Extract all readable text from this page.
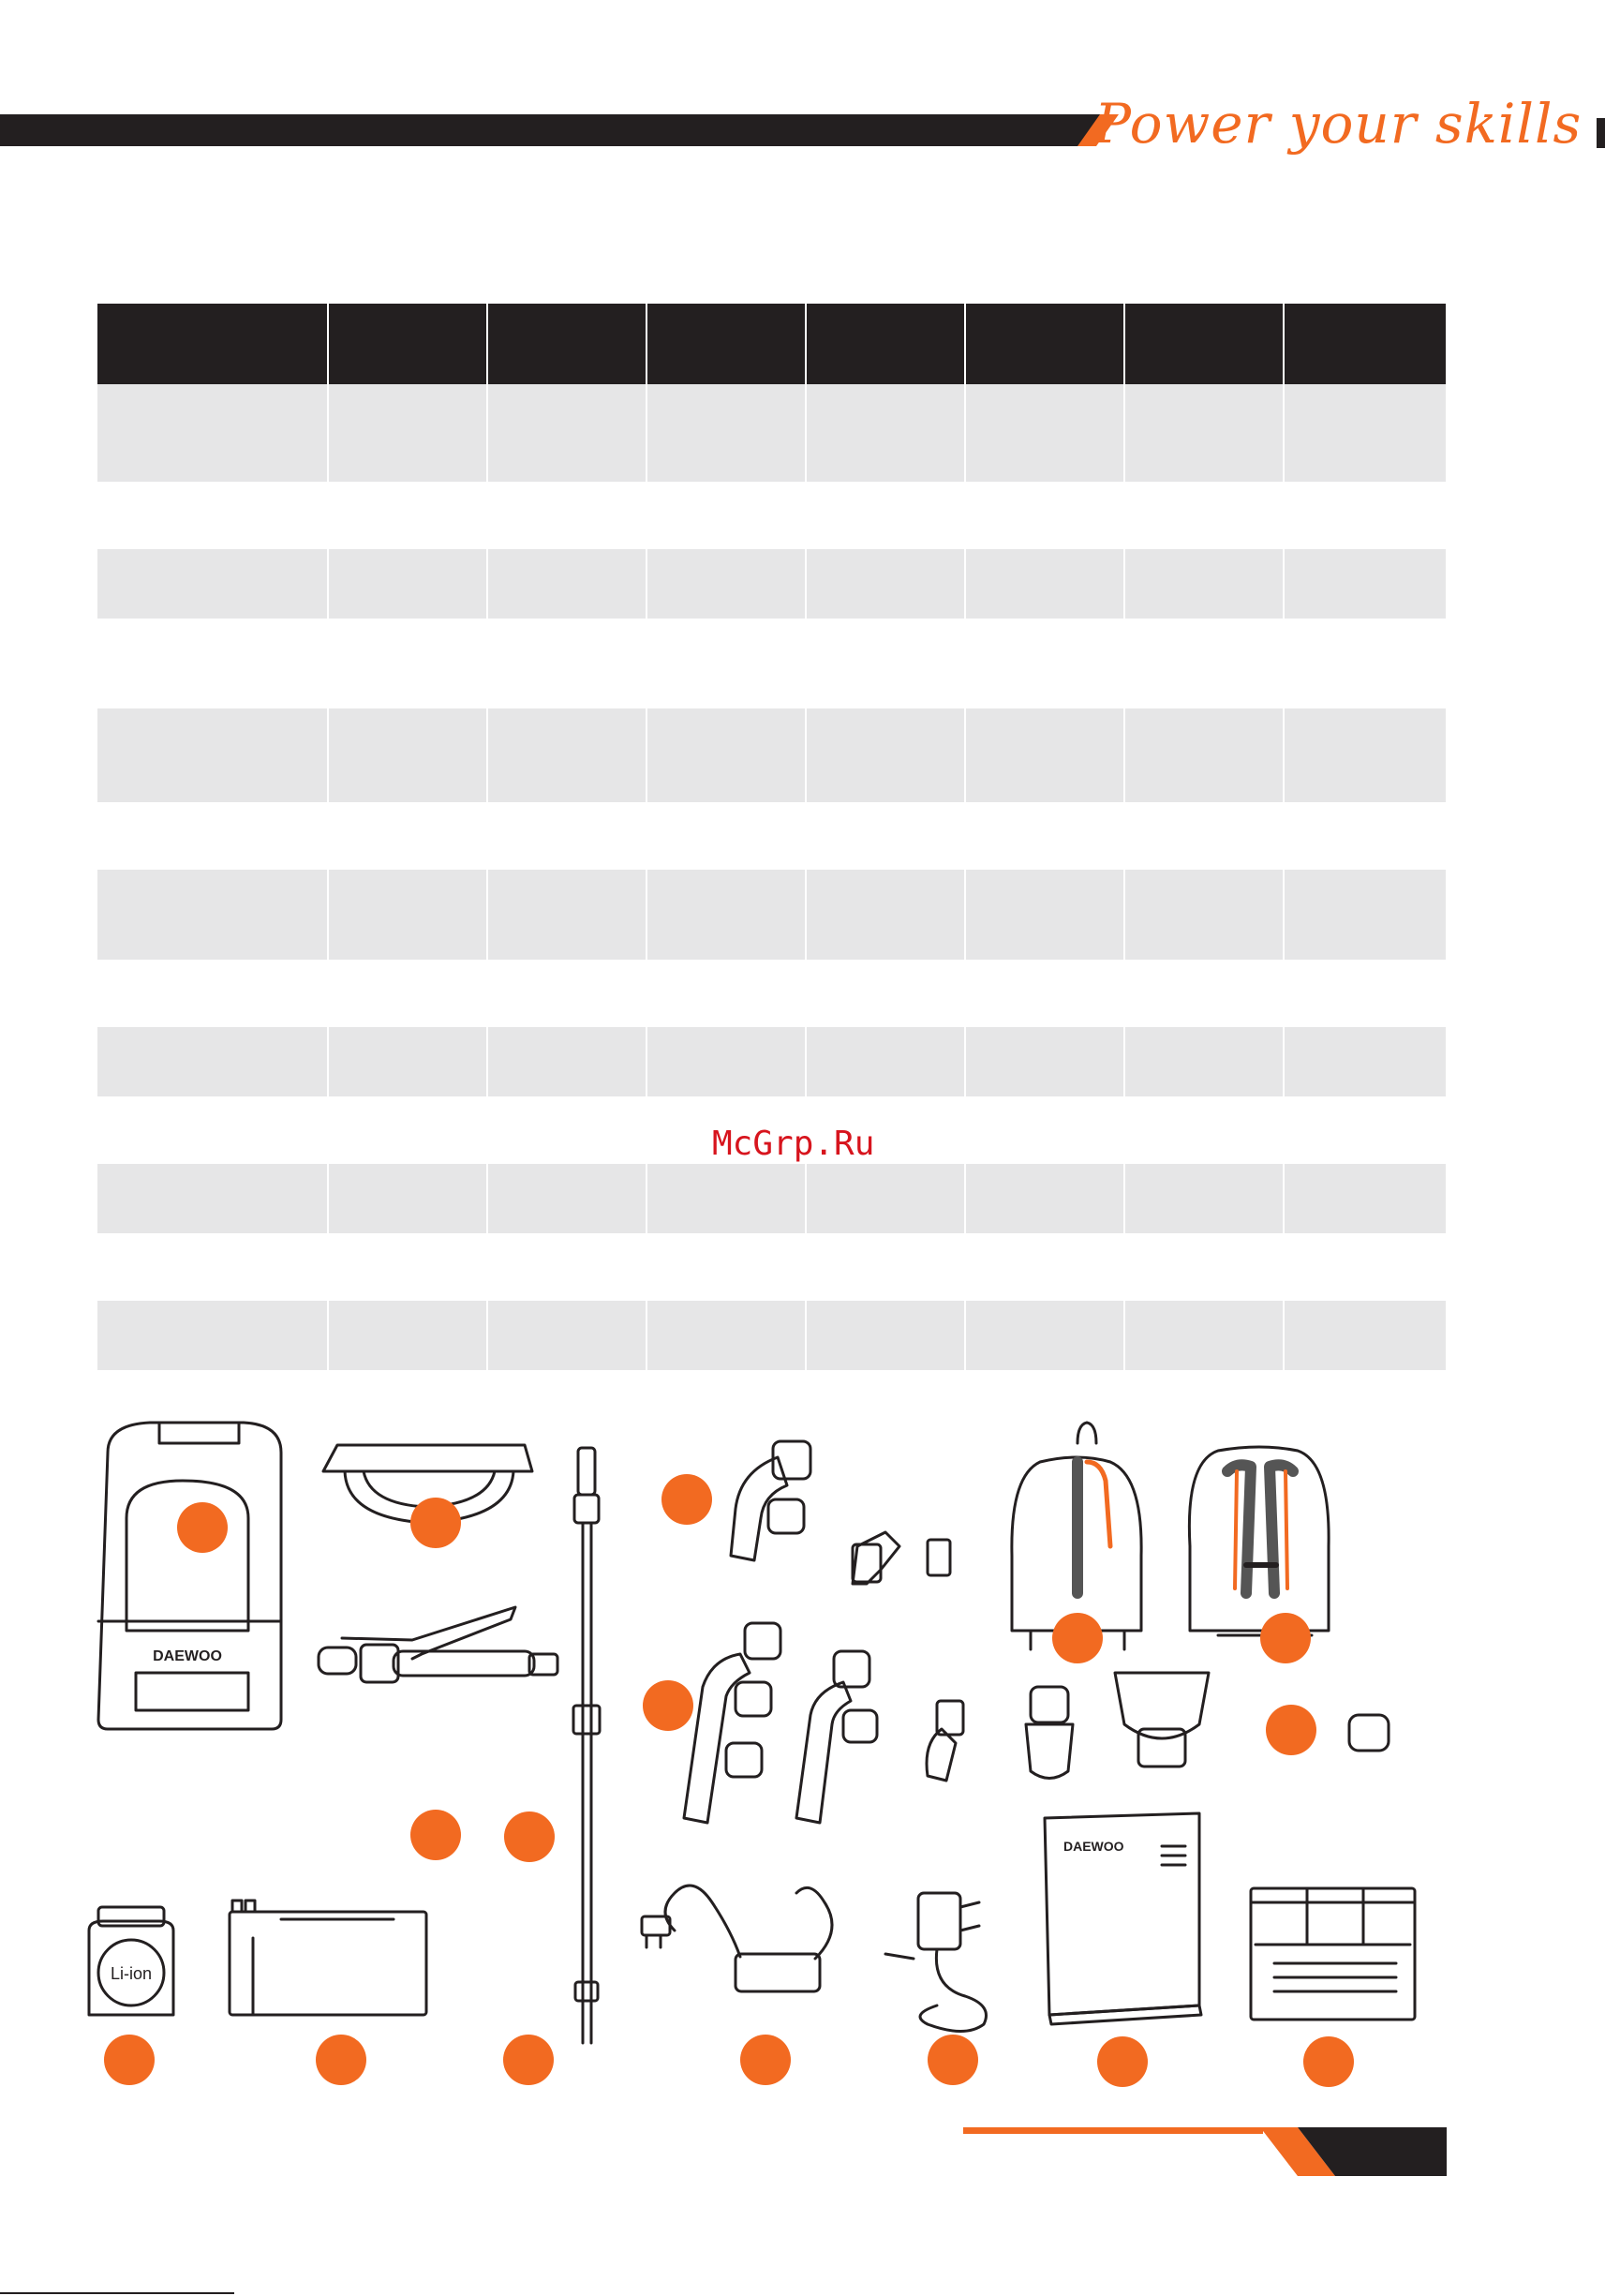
Power your skills

McGrp.Ru
DAEWOO
Li-ion
DAEWOO
